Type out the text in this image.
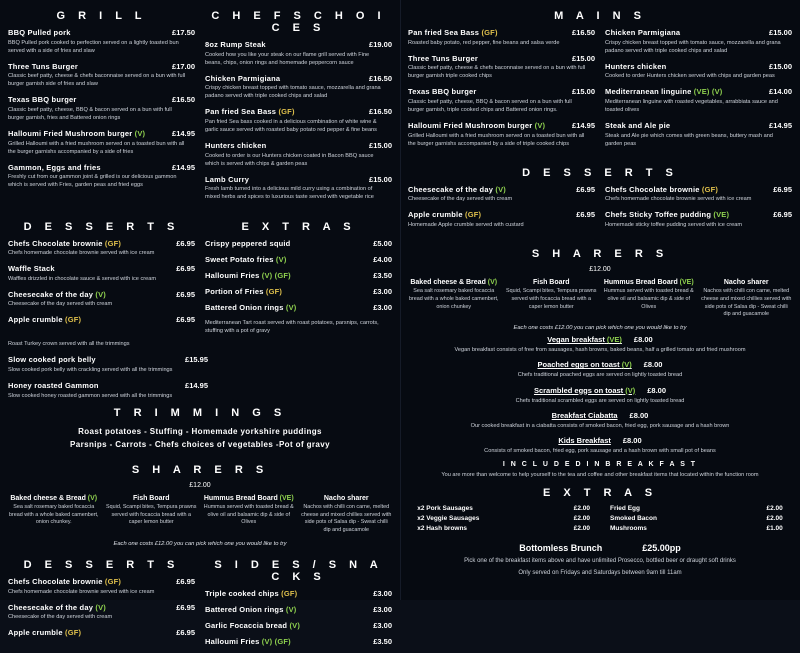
G R I L L
BBQ Pulled pork	£17.50
BBQ Pulled pork cooked to perfection served on a lightly toasted bun served with a side of fries and slaw
Three Tuns Burger	£17.00
Classic beef patty, cheese & chefs baconnaise served on a bun with full burger garnish side of fries and slaw
Texas BBQ burger	£16.50
Classic beef patty, cheese, BBQ & bacon served on a bun with full burger garnish, fries and Battered onion rings
Halloumi Fried Mushroom burger (V)	£14.95
Grilled Halloumi with a fried mushroom served on a toasted bun with all the burger garnishs accompanied by a side of fries
Gammon, Eggs and fries	£14.95
Freshly cut from our gammon joint & grilled is our delicious gammon which is served with Fries, garden peas and fried eggs
C H E F S C H O I C E S
8oz Rump Steak	£19.00
Cooked how you like your steak on our flame grill served with Fine beans, chips, onion rings and homemade peppercorn sauce
Chicken Parmigiana	£16.50
Crispy chicken breast topped with tomato sauce, mozzarella and grana padano served with triple cooked chips and salad
Pan fried Sea Bass (GF)	£16.50
Pan fried Sea bass cooked in a delicious combination of white wine & garlic sauce served with roasted baby potato red pepper & fine beans
Hunters chicken	£15.00
Cooked to order is our Hunters chicken coated in Bacon BBQ sauce which is served with chips & garden peas
Lamb Curry	£15.00
Fresh lamb turned into a delicious mild curry using a combination of mixed herbs and spices to luxurious taste served with vegetable rice
D E S S E R T S
Chefs Chocolate brownie (GF)	£6.95
Chefs homemade chocolate brownie served with ice cream
Waffle Stack	£6.95
Waffles drizzled in chocolate sauce & served with ice cream
Cheesecake of the day (V)	£6.95
Cheesecake of the day served with cream
Apple crumble (GF)	£6.95
E X T R A S
Crispy peppered squid	£5.00
Sweet Potato fries (V)	£4.00
Halloumi Fries (V) (GF)	£3.50
Portion of Fries (GF)	£3.00
Battered Onion rings (V)	£3.00
Mediterranean Tart roast served with roast potatoes, parsnips, carrots, stuffing with a pot of gravy
Roast Turkey crown served with all the trimmings
Slow cooked pork belly	£15.95
Slow cooked pork belly with crackling served with all the trimmings
Honey roasted Gammon	£14.95
Slow cooked honey roasted gammon served with all the trimmings
T R I M M I N G S
Roast potatoes - Stuffing - Homemade yorkshire puddings
Parsnips - Carrots - Chefs choices of vegetables -Pot of gravy
S H A R E R S
£12.00
Baked cheese & Bread (V)
Sea salt rosemary baked focaccia bread with a whole baked camenbert, onion chunkey.
Fish Board
Squid, Scampi bites, Tempura prawns served with focaccia bread with a caper lemon butter
Hummus Bread Board (VE)
Hummus served with toasted bread & olive oil and balsamic dip & side of Olives
Nacho sharer
Nachos with chilli con carne, melted cheese and mixed chillies served with side pots of Salsa dip - Sweat chilli dip and guacamole
Each one costs £12.00 you can pick which one you would like to try
D E S S E R T S
Chefs Chocolate brownie (GF)	£6.95
Chefs homemade chocolate brownie served with ice cream
Cheesecake of the day (V)	£6.95
Cheesecake of the day served with cream
Apple crumble (GF)	£6.95
S I D E S / S N A C K S
Triple cooked chips (GF)	£3.00
Battered Onion rings (V)	£3.00
Garlic Focaccia bread (V)	£3.00
Halloumi Fries (V) (GF)	£3.50
M A I N S
Pan fried Sea Bass (GF)	£16.50
Roasted baby potato, red pepper, fine beans and salsa verde
Three Tuns Burger	£15.00
Classic beef patty, cheese & chefs baconnaise served on a bun with full burger garnish triple cooked chips
Texas BBQ burger	£15.00
Classic beef patty, cheese, BBQ & bacon served on a bun with full burger garnish, triple cooked chips and Battered onion rings.
Halloumi Fried Mushroom burger (V)	£14.95
Grilled Halloumi with a fried mushroom served on a toasted bun with all the burger garnishs accompanied by a side of triple cooked chips
Chicken Parmigiana	£15.00
Crispy chicken breast topped with tomato sauce, mozzarella and grana padano served with triple cooked chips and salad
Hunters chicken	£15.00
Cooked to order Hunters chicken served with chips and garden peas
Mediterranean linguine (VE) (V)	£14.00
Mediterranean linguine with roasted vegetables, arrabbiata sauce and toasted olives
Steak and Ale pie	£14.95
Steak and Ale pie which comes with green beans, buttery mash and garden peas
D E S S E R T S
Cheesecake of the day (V)	£6.95
Cheesecake of the day served with cream
Apple crumble (GF)	£6.95
Homemade Apple crumble served with custard
Chefs Chocolate brownie (GF)	£6.95
Chefs homemade chocolate brownie served with ice cream
Chefs Sticky Toffee pudding (VE)	£6.95
Homemade sticky toffee pudding served with ice cream
S H A R E R S
£12.00
Baked cheese & Bread (V)
Sea salt rosemary baked focaccia bread with a whole baked camenbert, onion chunkey
Fish Board
Squid, Scampi bites, Tempura prawns served with focaccia bread with a caper lemon butter
Hummus Bread Board (VE)
Hummus served with toasted bread & olive oil and balsamic dip & side of Olives
Nacho sharer
Nachos with chilli con carne, melted cheese and mixed chillies served with side pots of Salsa dip - Sweat chilli dip and guacamole
Each one costs £12.00 you can pick which one you would like to try
Vegan breakfast (VE) £8.00
Vegan breakfast consists of free from sausages, hash browns, baked beans, half a grilled tomato and fried mushroom
Poached eggs on toast (V) £8.00
Chefs traditional poached eggs are served on lightly toasted bread
Scrambled eggs on toast (V) £8.00
Chefs traditional scrambled eggs are served on lightly toasted bread
Breakfast Ciabatta £8.00
Our cooked breakfast in a ciabatta consists of smoked bacon, fried egg, pork sausage and a hash brown
Kids Breakfast £8.00
Consists of smoked bacon, fried egg, pork sausage and a hash brown with small pot of beans
I N C L U D E D I N B R E A K F A S T
You are more than welcome to help yourself to the tea and coffee and other breakfast items that located within the function room
E X T R A S
x2 Pork Sausages	£2.00
x2 Veggie Sausages	£2.00
x2 Hash browns	£2.00
Fried Egg	£2.00
Smoked Bacon	£2.00
Mushrooms	£1.00
Bottomless Brunch	£25.00pp
Pick one of the breakfast items above and have unlimited Prosecco, bottled beer or draught soft drinks
Only served on Fridays and Saturdays between 9am till 11am
